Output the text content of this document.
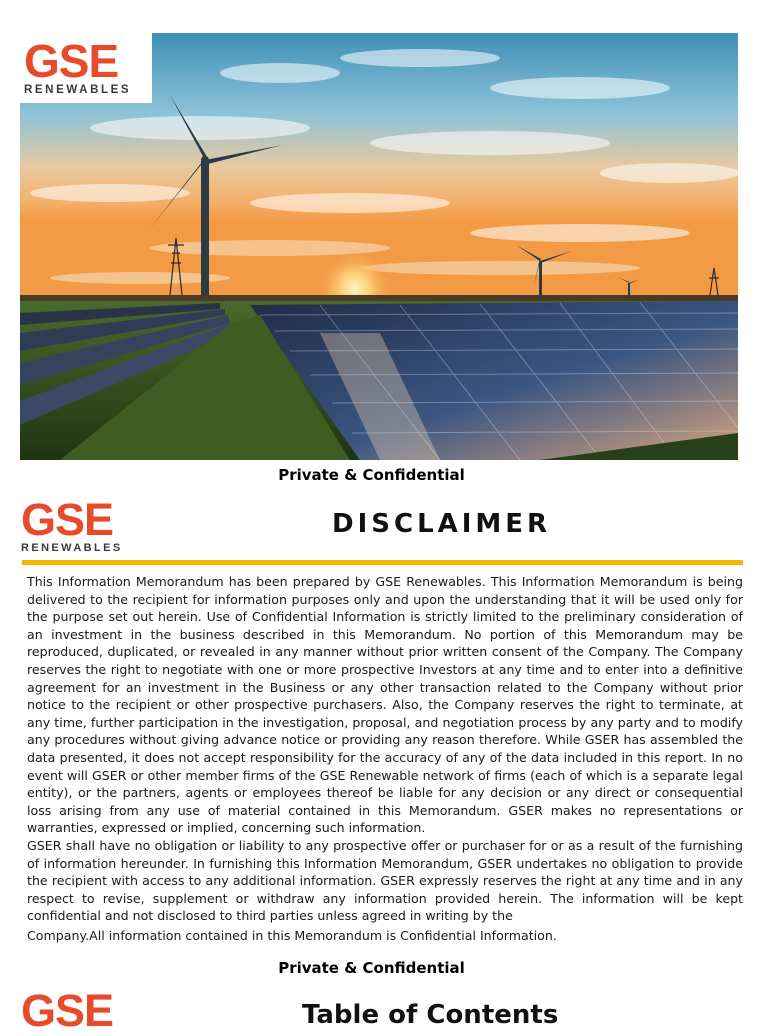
GSE
RENEWABLES
Private & Confidential
GSE
RENEWABLES
DISCLAIMER

This Information Memorandum has been prepared by GSE Renewables. This Information Memorandum is being delivered to the recipient for information purposes only and upon the understanding that it will be used only for the purpose set out herein. Use of Confidential Information is strictly limited to the preliminary consideration of an investment in the business described in this Memorandum. No portion of this Memorandum may be reproduced, duplicated, or revealed in any manner without prior written consent of the Company. The Company reserves the right to negotiate with one or more prospective Investors at any time and to enter into a definitive agreement for an investment in the Business or any other transaction related to the Company without prior notice to the recipient or other prospective purchasers. Also, the Company reserves the right to terminate, at any time, further participation in the investigation, proposal, and negotiation process by any party and to modify any procedures without giving advance notice or providing any reason therefore. While GSER has assembled the data presented, it does not accept responsibility for the accuracy of any of the data included in this report. In no event will GSER or other member firms of the GSE Renewable network of firms (each of which is a separate legal entity), or the partners, agents or employees thereof be liable for any decision or any direct or consequential loss arising from any use of material contained in this Memorandum. GSER makes no representations or warranties, expressed or implied, concerning such information.

GSER shall have no obligation or liability to any prospective offer or purchaser for or as a result of the furnishing of information hereunder. In furnishing this Information Memorandum, GSER undertakes no obligation to provide the recipient with access to any additional information. GSER expressly reserves the right at any time and in any respect to revise, supplement or withdraw any information provided herein. The information will be kept confidential and not disclosed to third parties unless agreed in writing by the

Company.All information contained in this Memorandum is Confidential Information.

Private & Confidential
GSE	Table of Contents
